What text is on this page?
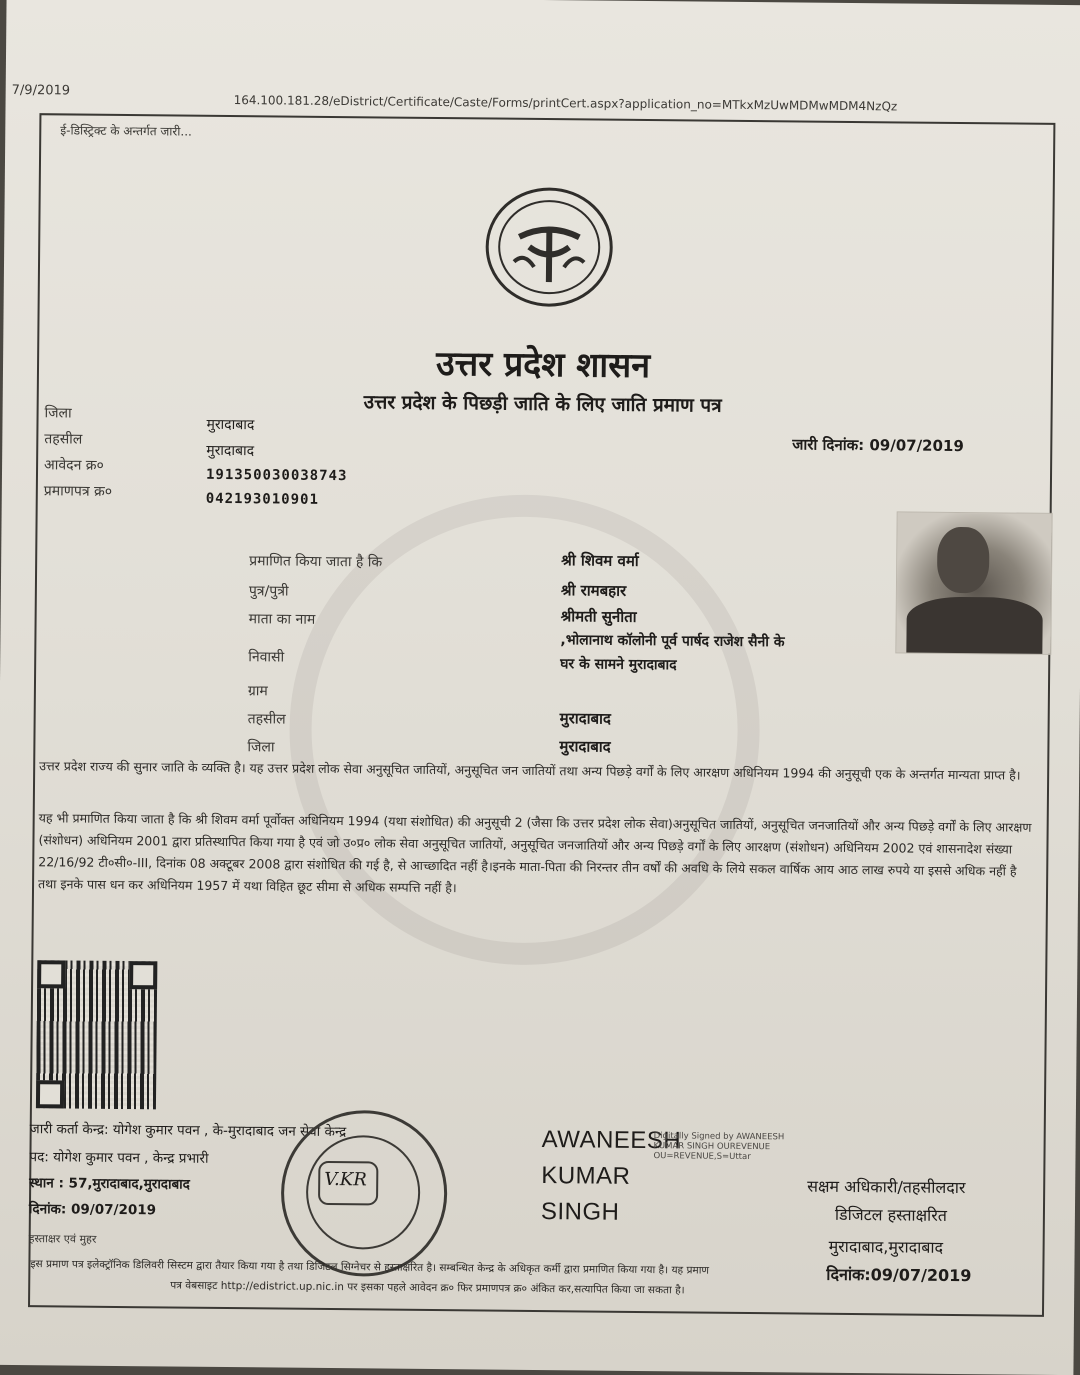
7/9/2019
164.100.181.28/eDistrict/Certificate/Caste/Forms/printCert.aspx?application_no=MTkxMzUwMDMwMDM4NzQz
ई-डिस्ट्रिक्ट के अन्तर्गत जारी...
उत्तर प्रदेश शासन
उत्तर प्रदेश के पिछड़ी जाति के लिए जाति प्रमाण पत्र
जिला
मुरादाबाद
तहसील
मुरादाबाद
आवेदन क्र०
191350030038743
प्रमाणपत्र क्र०	042193010901
जारी दिनांक: 09/07/2019
प्रमाणित किया जाता है कि	श्री शिवम वर्मा
पुत्र/पुत्री	श्री रामबहार
माता का नाम	श्रीमती सुनीता
,भोलानाथ कॉलोनी पूर्व पार्षद राजेश सैनी के
निवासी	घर के सामने मुरादाबाद
ग्राम
तहसील	मुरादाबाद
जिला	मुरादाबाद
उत्तर प्रदेश राज्य की सुनार जाति के व्यक्ति है। यह उत्तर प्रदेश लोक सेवा अनुसूचित जातियों, अनुसूचित जन जातियों तथा अन्य पिछड़े वर्गों के लिए आरक्षण अधिनियम 1994 की अनुसूची एक के अन्तर्गत मान्यता प्राप्त है।
यह भी प्रमाणित किया जाता है कि श्री शिवम वर्मा पूर्वोक्त अधिनियम 1994 (यथा संशोधित) की अनुसूची 2 (जैसा कि उत्तर प्रदेश लोक सेवा)अनुसूचित जातियों, अनुसूचित जनजातियों और अन्य पिछड़े वर्गों के लिए आरक्षण (संशोधन) अधिनियम 2001 द्वारा प्रतिस्थापित किया गया है एवं जो उ०प्र० लोक सेवा अनुसूचित जातियों, अनुसूचित जनजातियों और अन्य पिछड़े वर्गों के लिए आरक्षण (संशोधन) अधिनियम 2002 एवं शासनादेश संख्या 22/16/92 टी०सी०-III, दिनांक 08 अक्टूबर 2008 द्वारा संशोधित की गई है, से आच्छादित नहीं है।इनके माता-पिता की निरन्तर तीन वर्षों की अवधि के लिये सकल वार्षिक आय आठ लाख रुपये या इससे अधिक नहीं है तथा इनके पास धन कर अधिनियम 1957 में यथा विहित छूट सीमा से अधिक सम्पत्ति नहीं है।
जारी कर्ता केन्द्र: योगेश कुमार पवन , के-मुरादाबाद जन सेवा केन्द्र
पद: योगेश कुमार पवन , केन्द्र प्रभारी
स्थान : 57,मुरादाबाद,मुरादाबाद
दिनांक: 09/07/2019
हस्ताक्षर एवं मुहर
V.KR
AWANEESH
KUMAR
SINGH
Digitally Signed by AWANEESH KUMAR SINGH OUREVENUE OU=REVENUE,S=Uttar
सक्षम अधिकारी/तहसीलदार
डिजिटल हस्ताक्षरित
मुरादाबाद,मुरादाबाद
दिनांक:09/07/2019
इस प्रमाण पत्र इलेक्ट्रॉनिक डिलिवरी सिस्टम द्वारा तैयार किया गया है तथा डिजिटल सिग्नेचर से हस्ताक्षरित है। सम्बन्धित केन्द्र के अधिकृत कर्मी द्वारा प्रमाणित किया गया है। यह प्रमाण
पत्र वेबसाइट http://edistrict.up.nic.in पर इसका पहले आवेदन क्र० फिर प्रमाणपत्र क्र० अंकित कर,सत्यापित किया जा सकता है।
